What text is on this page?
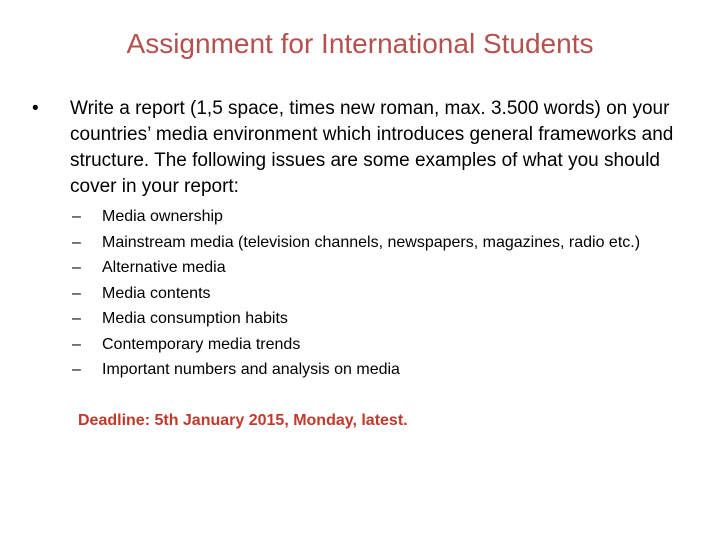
Assignment for International Students
•	Write a report (1,5 space, times new roman, max. 3.500 words) on your countries’ media environment which introduces general frameworks and structure. The following issues are some examples of what you should cover in your report:
– Media ownership
– Mainstream media (television channels, newspapers, magazines, radio etc.)
– Alternative media
– Media contents
– Media consumption habits
– Contemporary media trends
– Important numbers and analysis on media
Deadline: 5th January 2015, Monday, latest.
